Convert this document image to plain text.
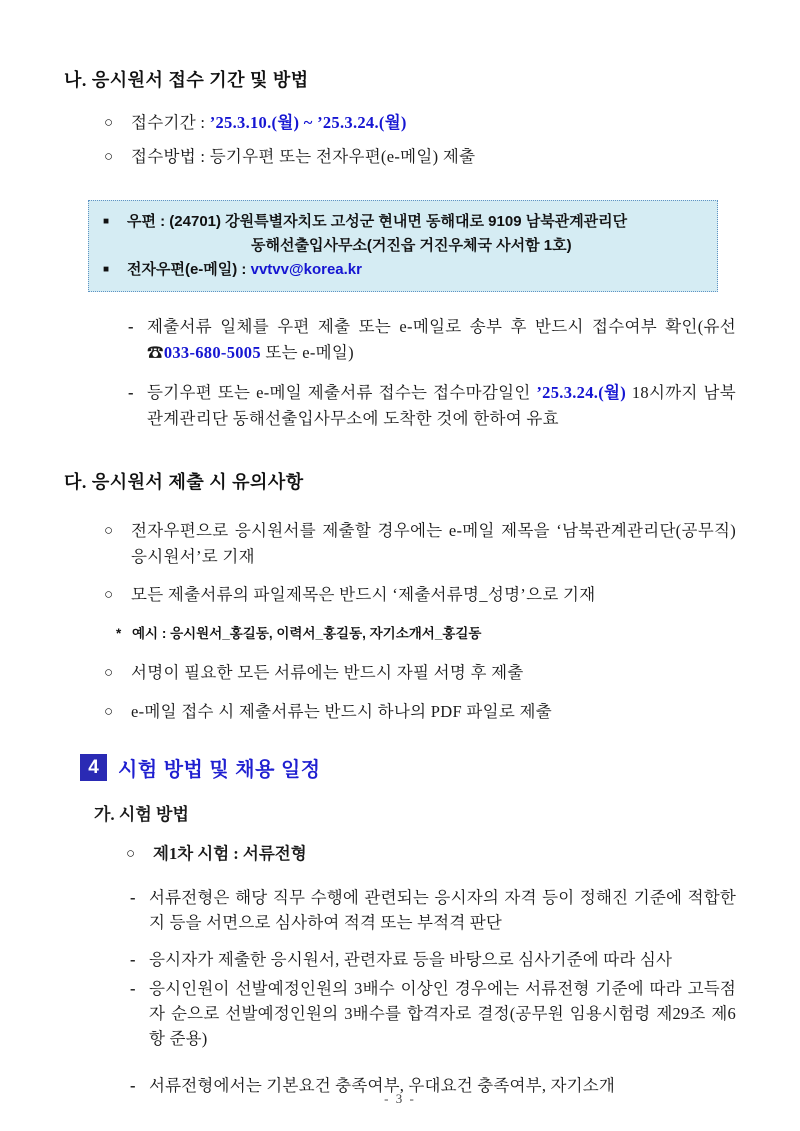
나. 응시원서 접수 기간 및 방법
○	접수기간 : ’25.3.10.(월) ~ ’25.3.24.(월)
○	접수방법 : 등기우편 또는 전자우편(e-메일) 제출
■	우편 : (24701) 강원특별자치도 고성군 현내면 동해대로 9109 남북관계관리단
동해선출입사무소(거진읍 거진우체국 사서함 1호)
■	전자우편(e-메일) : vvtvv@korea.kr
- 제출서류 일체를 우편 제출 또는 e-메일로 송부 후 반드시 접수여부 확인(유선 ☎033-680-5005 또는 e-메일)
- 등기우편 또는 e-메일 제출서류 접수는 접수마감일인 ’25.3.24.(월) 18시까지 남북관계관리단 동해선출입사무소에 도착한 것에 한하여 유효
다. 응시원서 제출 시 유의사항
○	전자우편으로 응시원서를 제출할 경우에는 e-메일 제목을 ‘남북관계관리단(공무직) 응시원서’로 기재
○	모든 제출서류의 파일제목은 반드시 ‘제출서류명_성명’으로 기재
* 예시 : 응시원서_홍길동, 이력서_홍길동, 자기소개서_홍길동
○	서명이 필요한 모든 서류에는 반드시 자필 서명 후 제출
○	e-메일 접수 시 제출서류는 반드시 하나의 PDF 파일로 제출
4 시험 방법 및 채용 일정
가. 시험 방법
○	제1차 시험 : 서류전형
- 서류전형은 해당 직무 수행에 관련되는 응시자의 자격 등이 정해진 기준에 적합한지 등을 서면으로 심사하여 적격 또는 부적격 판단
- 응시자가 제출한 응시원서, 관련자료 등을 바탕으로 심사기준에 따라 심사
- 응시인원이 선발예정인원의 3배수 이상인 경우에는 서류전형 기준에 따라 고득점자 순으로 선발예정인원의 3배수를 합격자로 결정(공무원 임용시험령 제29조 제6항 준용)
- 서류전형에서는 기본요건 충족여부, 우대요건 충족여부, 자기소개
- 3 -
